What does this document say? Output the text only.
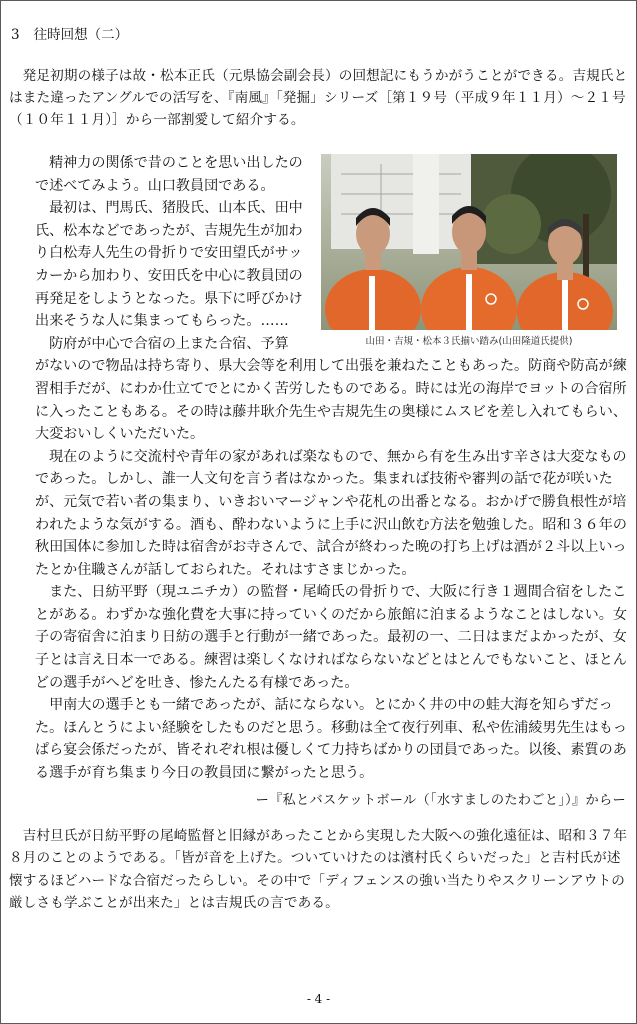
3 往時回想（二）

発足初期の様子は故・松本正氏（元県協会副会長）の回想記にもうかがうことができる。吉規氏とはまた違ったアングルでの活写を、『南風』「発掘」シリーズ［第１９号（平成９年１１月）～２１号（１０年１１月）］から一部割愛して紹介する。

山田・吉規・松本３氏揃い踏み(山田隆道氏提供)

精神力の関係で昔のことを思い出したので述べてみよう。山口教員団である。

最初は、門馬氏、猪股氏、山本氏、田中氏、松本などであったが、吉規先生が加わり白松寿人先生の骨折りで安田望氏がサッカーから加わり、安田氏を中心に教員団の再発足をしようとなった。県下に呼びかけ出来そうな人に集まってもらった。……

防府が中心で合宿の上また合宿、予算

がないので物品は持ち寄り、県大会等を利用して出張を兼ねたこともあった。防商や防高が練習相手だが、にわか仕立てでとにかく苦労したものである。時には光の海岸でヨットの合宿所に入ったこともある。その時は藤井耿介先生や吉規先生の奥様にムスビを差し入れてもらい、大変おいしくいただいた。

現在のように交流村や青年の家があれば楽なもので、無から有を生み出す辛さは大変なものであった。しかし、誰一人文句を言う者はなかった。集まれば技術や審判の話で花が咲いたが、元気で若い者の集まり、いきおいマージャンや花札の出番となる。おかげで勝負根性が培われたような気がする。酒も、酔わないように上手に沢山飲む方法を勉強した。昭和３６年の秋田国体に参加した時は宿舎がお寺さんで、試合が終わった晩の打ち上げは酒が２斗以上いったとか住職さんが話しておられた。それはすさまじかった。

また、日紡平野（現ユニチカ）の監督・尾崎氏の骨折りで、大阪に行き１週間合宿をしたことがある。わずかな強化費を大事に持っていくのだから旅館に泊まるようなことはしない。女子の寄宿舎に泊まり日紡の選手と行動が一緒であった。最初の一、二日はまだよかったが、女子とは言え日本一である。練習は楽しくなければならないなどとはとんでもないこと、ほとんどの選手がへどを吐き、惨たんたる有様であった。

甲南大の選手とも一緒であったが、話にならない。とにかく井の中の蛙大海を知らずだった。ほんとうによい経験をしたものだと思う。移動は全て夜行列車、私や佐浦綾男先生はもっぱら宴会係だったが、皆それぞれ根は優しくて力持ちばかりの団員であった。以後、素質のある選手が育ち集まり今日の教員団に繋がったと思う。

ー『私とバスケットボール（「水すましのたわごと」）』からー

吉村旦氏が日紡平野の尾崎監督と旧縁があったことから実現した大阪への強化遠征は、昭和３７年８月のことのようである。「皆が音を上げた。ついていけたのは濱村氏くらいだった」と吉村氏が述懐するほどハードな合宿だったらしい。その中で「ディフェンスの強い当たりやスクリーンアウトの厳しさも学ぶことが出来た」とは吉規氏の言である。

- 4 -
